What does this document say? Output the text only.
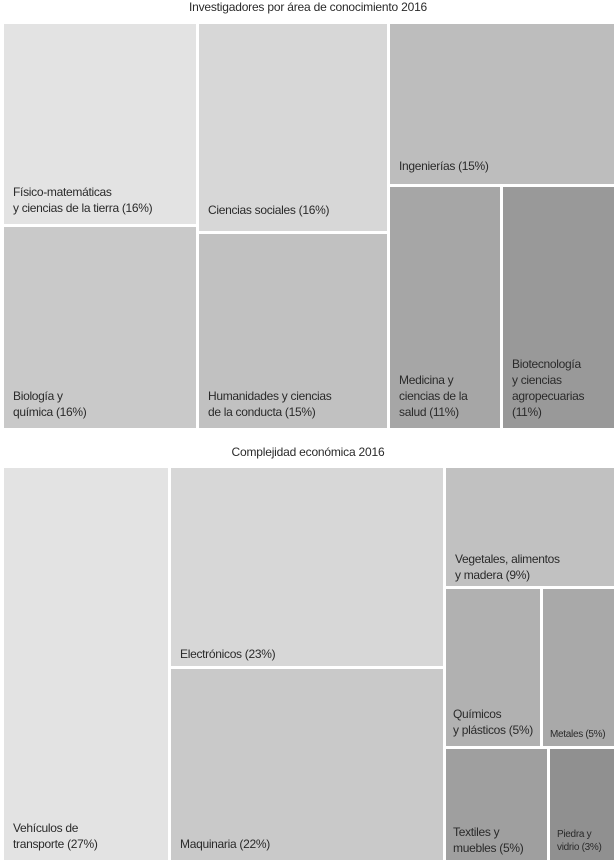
Investigadores por área de conocimiento 2016
Físico-matemáticas
y ciencias de la tierra (16%)
Biología y
química (16%)
Ciencias sociales (16%)
Humanidades y ciencias
de la conducta (15%)
Ingenierías (15%)
Medicina y
ciencias de la
salud (11%)
Biotecnología
y ciencias
agropecuarias
(11%)
Complejidad económica 2016
Vehículos de
transporte (27%)
Electrónicos (23%)
Maquinaria (22%)
Vegetales, alimentos
y madera (9%)
Químicos
y plásticos (5%) Metales (5%)
Textiles y
muebles (5%)
Piedra y
vidrio (3%)
